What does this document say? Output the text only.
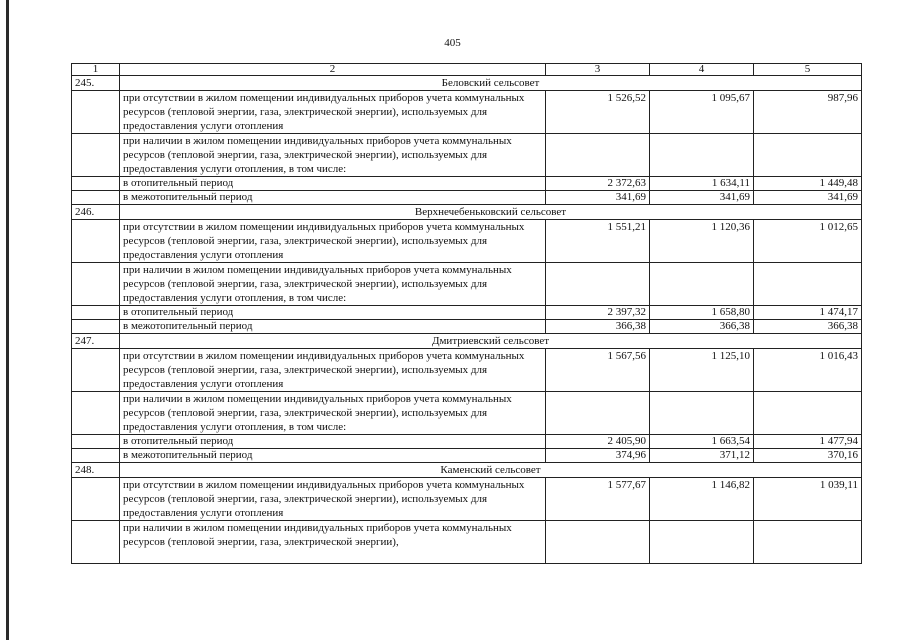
405
1	2	3	4	5
245.	Беловский сельсовет			
	при отсутствии в жилом помещении индивидуальных приборов учета коммунальных ресурсов (тепловой энергии, газа, электрической энергии), используемых для предоставления услуги отопления	1 526,52	1 095,67	987,96
	при наличии в жилом помещении индивидуальных приборов учета коммунальных ресурсов (тепловой энергии, газа, электрической энергии), используемых для предоставления услуги отопления, в том числе:			
	в отопительный период	2 372,63	1 634,11	1 449,48
	в межотопительный период	341,69	341,69	341,69
246.	Верхнечебеньковский сельсовет			
	при отсутствии в жилом помещении индивидуальных приборов учета коммунальных ресурсов (тепловой энергии, газа, электрической энергии), используемых для предоставления услуги отопления	1 551,21	1 120,36	1 012,65
	при наличии в жилом помещении индивидуальных приборов учета коммунальных ресурсов (тепловой энергии, газа, электрической энергии), используемых для предоставления услуги отопления, в том числе:			
	в отопительный период	2 397,32	1 658,80	1 474,17
	в межотопительный период	366,38	366,38	366,38
247.	Дмитриевский сельсовет			
	при отсутствии в жилом помещении индивидуальных приборов учета коммунальных ресурсов (тепловой энергии, газа, электрической энергии), используемых для предоставления услуги отопления	1 567,56	1 125,10	1 016,43
	при наличии в жилом помещении индивидуальных приборов учета коммунальных ресурсов (тепловой энергии, газа, электрической энергии), используемых для предоставления услуги отопления, в том числе:			
	в отопительный период	2 405,90	1 663,54	1 477,94
	в межотопительный период	374,96	371,12	370,16
248.	Каменский сельсовет			
	при отсутствии в жилом помещении индивидуальных приборов учета коммунальных ресурсов (тепловой энергии, газа, электрической энергии), используемых для предоставления услуги отопления	1 577,67	1 146,82	1 039,11
	при наличии в жилом помещении индивидуальных приборов учета коммунальных ресурсов (тепловой энергии, газа, электрической энергии),			
